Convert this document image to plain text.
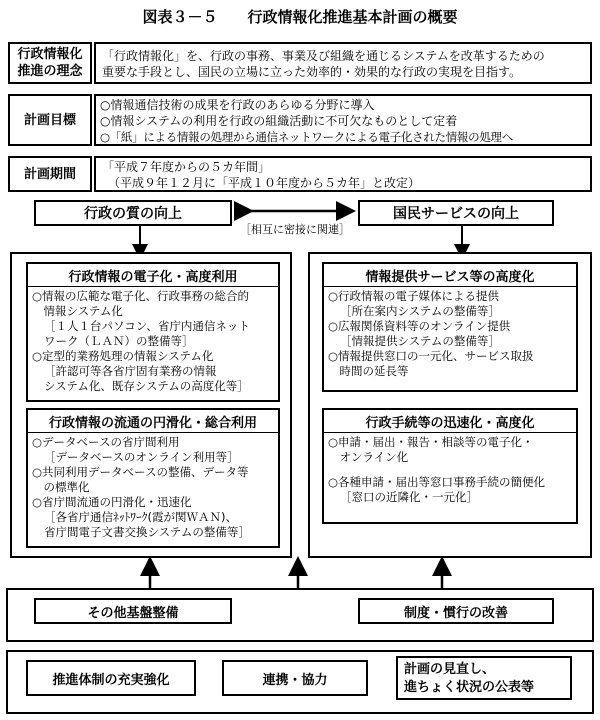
図表３－５　　行政情報化推進基本計画の概要
行政情報化
推進の理念
「行政情報化」を、行政の事務、事業及び組織を通じるシステムを改革するための
重要な手段とし、国民の立場に立った効率的・効果的な行政の実現を目指す。
計画目標
○情報通信技術の成果を行政のあらゆる分野に導入
○情報システムの利用を行政の組織活動に不可欠なものとして定着
○「紙」による情報の処理から通信ネットワークによる電子化された情報の処理へ
計画期間 「平成７年度からの５カ年間」
（平成９年１２月に「平成１０年度から５カ年」と改定）
行政の質の向上	国民サービスの向上
［相互に密接に関連］
行政情報の電子化・高度利用
○情報の広範な電子化、行政事務の総合的
　情報システム化
［１人１台パソコン、省庁内通信ネット
ワーク（ＬＡＮ）の整備等］
○定型的業務処理の情報システム化
［許認可等各省庁固有業務の情報
システム化、既存システムの高度化等］
行政情報の流通の円滑化・総合利用
○データベースの省庁間利用
［データベースのオンライン利用等］
○共同利用データベースの整備、データ等
　の標準化
○省庁間流通の円滑化・迅速化
［各省庁通信ﾈｯﾄﾜｰｸ(霞が関ＷＡＮ)、
省庁間電子文書交換システムの整備等］
情報提供サービス等の高度化
○行政情報の電子媒体による提供
［所在案内システムの整備等］
○広報関係資料等のオンライン提供
［情報提供システムの整備等］
○情報提供窓口の一元化、サービス取扱
　時間の延長等
行政手続等の迅速化・高度化
○申請・届出・報告・相談等の電子化・
　オンライン化
○各種申請・届出等窓口事務手続の簡便化
［窓口の近隣化・一元化］
その他基盤整備	制度・慣行の改善
推進体制の充実強化	連携・協力
計画の見直し、
進ちょく状況の公表等
